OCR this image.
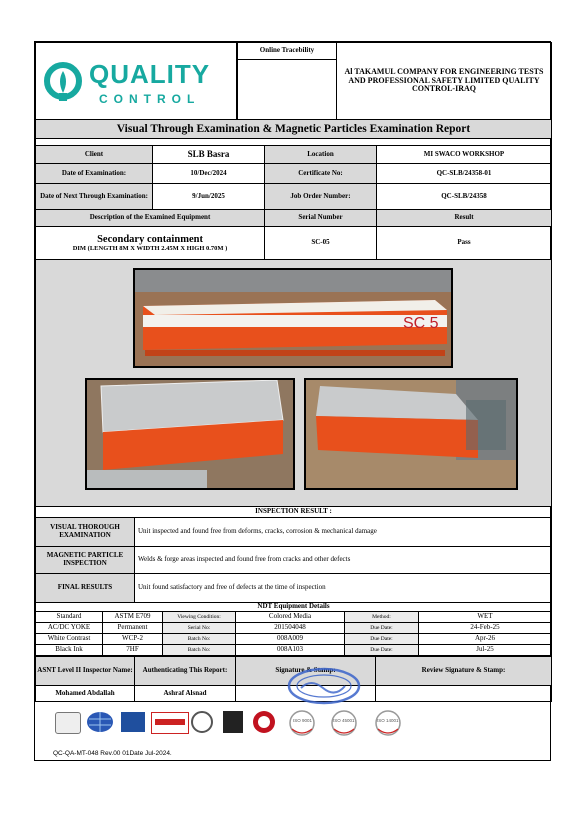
QUALITY
CONTROL
Online Tracebility
Al TAKAMUL COMPANY FOR ENGINEERING TESTS
AND PROFESSIONAL SAFETY LIMITED QUALITY CONTROL-IRAQ
Visual Through Examination & Magnetic Particles Examination Report
Client	SLB Basra	Location	MI SWACO WORKSHOP
Date of Examination:	10/Dec/2024	Certificate No:	QC-SLB/24358-01
Date of Next Through Examination:	9/Jun/2025	Job Order Number:	QC-SLB/24358
Description of the Examined Equipment	Serial Number	Result
Secondary containment
DIM (LENGTH 8M X WIDTH 2.45M X HIGH 0.70M )
SC-05	Pass
SC 5
INSPECTION RESULT :
VISUAL THOROUGH EXAMINATION	Unit inspected and found free from deforms, cracks, corrosion & mechanical damage
MAGNETIC PARTICLE INSPECTION	Welds & forge areas inspected and found free from cracks and other defects
FINAL RESULTS	Unit found satisfactory and free of defects at the time of inspection
NDT Equipment Details
Standard	ASTM E709	Viewing Condition:	Colored Media	Method:	WET
AC/DC YOKE	Permanent	Serial No:	201504048	Due Date:	24-Feb-25
White Contrast	WCP-2	Batch No:	008A009	Due Date:	Apr-26
Black Ink	7HF	Batch No:	008A103	Due Date:	Jul-25
ASNT Level II Inspector Name: Authenticating This Report:	Signature & Stamp:	Review Signature & Stamp:
Mohamed Abdallah	Ashraf Alsnad
ISO 9001	ISO 45001	ISO 14001
QC-QA-MT-048 Rev.00 01Date Jul-2024.
